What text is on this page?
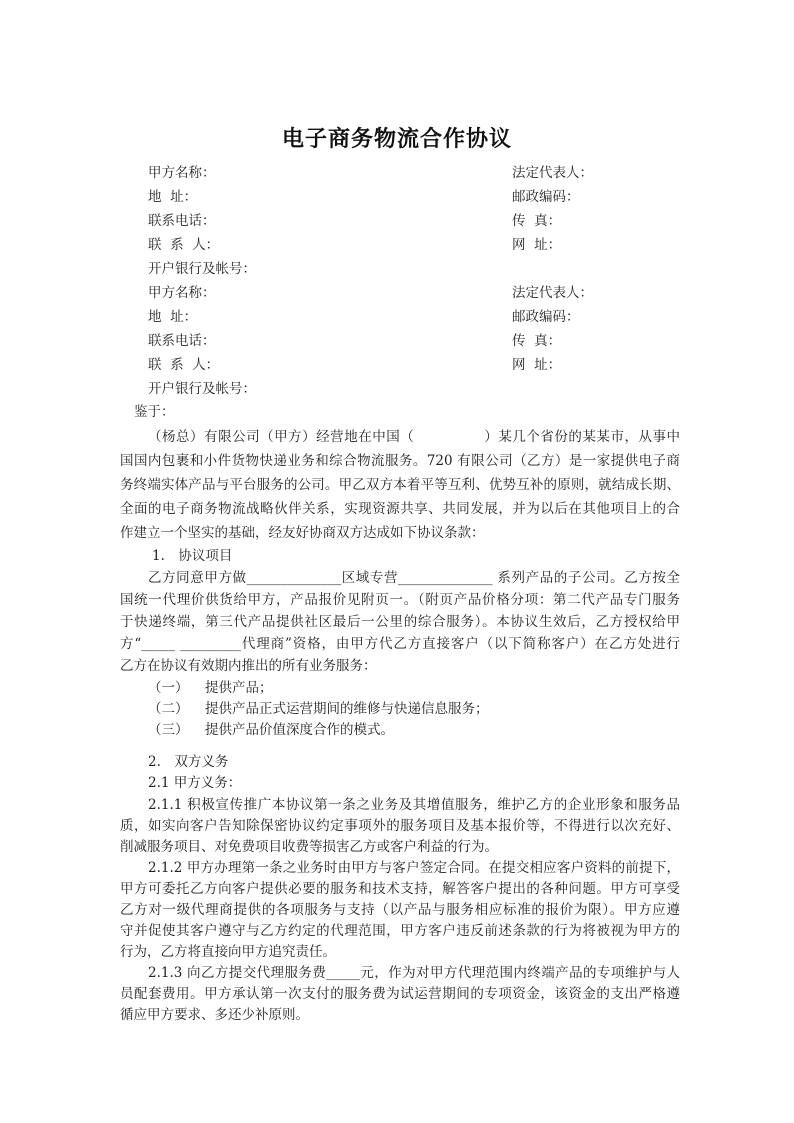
电子商务物流合作协议
甲方名称：	法定代表人：
地  址：	邮政编码：
联系电话：	传  真：
联  系  人：	网  址：
开户银行及帐号：
甲方名称：	法定代表人：
地  址：	邮政编码：
联系电话：	传  真：
联  系  人：	网  址：
开户银行及帐号：
鉴于：
（杨总）有限公司（甲方）经营地在中国（　　　　　）某几个省份的某某市，从事中
国国内包裹和小件货物快递业务和综合物流服务。720 有限公司（乙方）是一家提供电子商
务终端实体产品与平台服务的公司。甲乙双方本着平等互利、优势互补的原则，就结成长期、
全面的电子商务物流战略伙伴关系，实现资源共享、共同发展，并为以后在其他项目上的合
作建立一个坚实的基础，经友好协商双方达成如下协议条款：
1.　协议项目
乙方同意甲方做______________区域专营______________ 系列产品的子公司。乙方按全
国统一代理价供货给甲方，产品报价见附页一。（附页产品价格分项：第二代产品专门服务
于快递终端，第三代产品提供社区最后一公里的综合服务）。本协议生效后，乙方授权给甲
方“_____ _________代理商”资格，由甲方代乙方直接客户（以下简称客户）在乙方处进行
乙方在协议有效期内推出的所有业务服务：
（一） 提供产品；
（二） 提供产品正式运营期间的维修与快递信息服务；
（三） 提供产品价值深度合作的模式。
2.　双方义务
2.1 甲方义务：
2.1.1 积极宣传推广本协议第一条之业务及其增值服务，维护乙方的企业形象和服务品
质，如实向客户告知除保密协议约定事项外的服务项目及基本报价等，不得进行以次充好、
削减服务项目、对免费项目收费等损害乙方或客户利益的行为。
2.1.2 甲方办理第一条之业务时由甲方与客户签定合同。在提交相应客户资料的前提下，
甲方可委托乙方向客户提供必要的服务和技术支持，解答客户提出的各种问题。甲方可享受
乙方对一级代理商提供的各项服务与支持（以产品与服务相应标准的报价为限）。甲方应遵
守并促使其客户遵守与乙方约定的代理范围，甲方客户违反前述条款的行为将被视为甲方的
行为，乙方将直接向甲方追究责任。
2.1.3 向乙方提交代理服务费_____元，作为对甲方代理范围内终端产品的专项维护与人
员配套费用。甲方承认第一次支付的服务费为试运营期间的专项资金，该资金的支出严格遵
循应甲方要求、多还少补原则。
